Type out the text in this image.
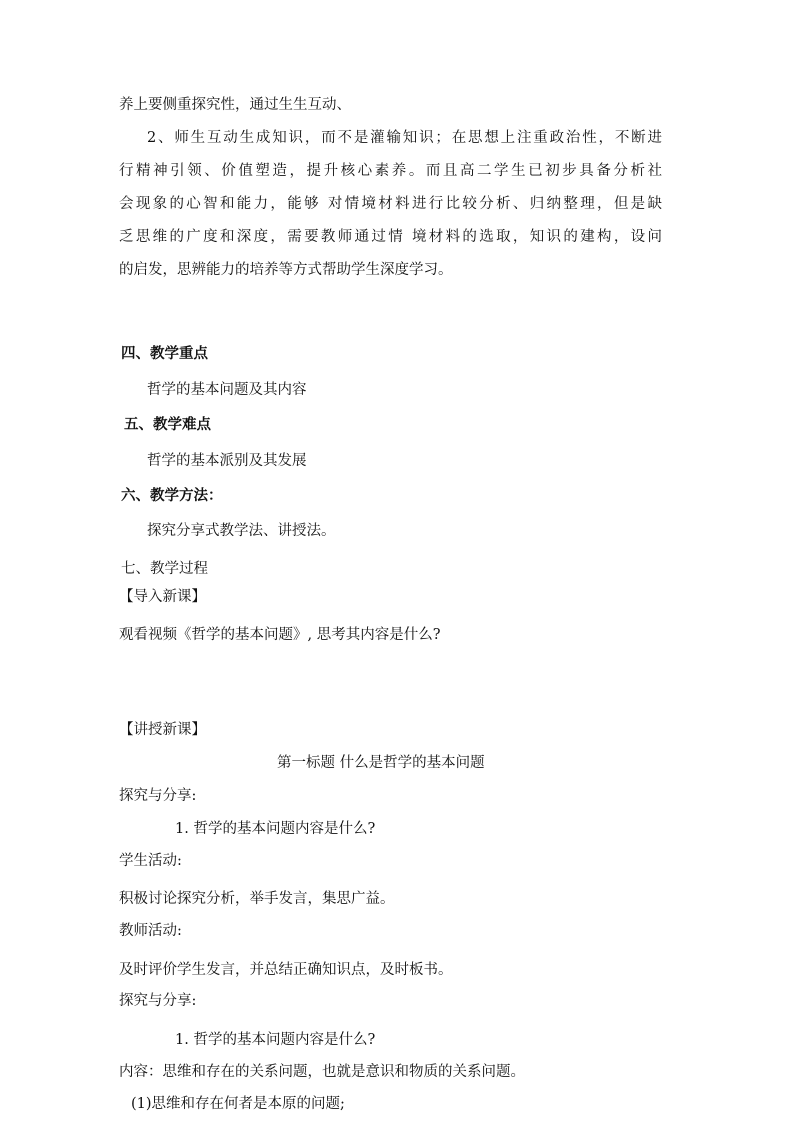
养上要侧重探究性，通过生生互动、
2、师生互动生成知识，而不是灌输知识；在思想上注重政治性，不断进
行精神引领、价值塑造，提升核心素养。而且高二学生已初步具备分析社
会现象的心智和能力，能够 对情境材料进行比较分析、归纳整理，但是缺
乏思维的广度和深度，需要教师通过情 境材料的选取，知识的建构，设问
的启发，思辨能力的培养等方式帮助学生深度学习。
四、教学重点
哲学的基本问题及其内容
五、教学难点
哲学的基本派别及其发展
六、教学方法：
探究分享式教学法、讲授法。
七、教学过程
【导入新课】
观看视频《哲学的基本问题》, 思考其内容是什么?
【讲授新课】
第一标题 什么是哲学的基本问题
探究与分享:
1. 哲学的基本问题内容是什么?
学生活动:
积极讨论探究分析，举手发言，集思广益。
教师活动:
及时评价学生发言，并总结正确知识点，及时板书。
探究与分享:
1. 哲学的基本问题内容是什么?
内容：思维和存在的关系问题，也就是意识和物质的关系问题。
(1)思维和存在何者是本原的问题;
